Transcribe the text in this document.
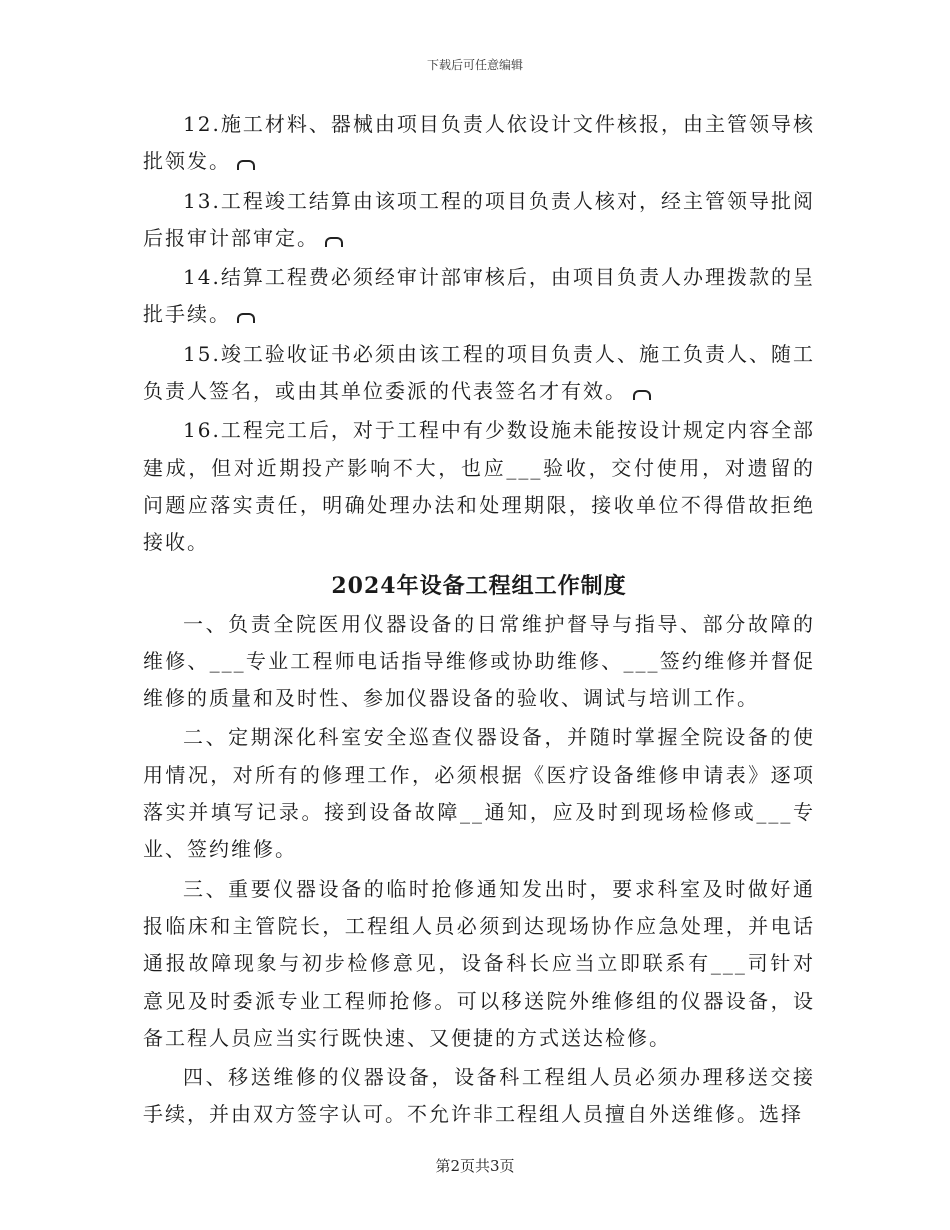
下载后可任意编辑

12.施工材料、器械由项目负责人依设计文件核报，由主管领导核批领发。

13.工程竣工结算由该项工程的项目负责人核对，经主管领导批阅后报审计部审定。

14.结算工程费必须经审计部审核后，由项目负责人办理拨款的呈批手续。

15.竣工验收证书必须由该工程的项目负责人、施工负责人、随工负责人签名，或由其单位委派的代表签名才有效。

16.工程完工后，对于工程中有少数设施未能按设计规定内容全部建成，但对近期投产影响不大，也应___验收，交付使用，对遗留的问题应落实责任，明确处理办法和处理期限，接收单位不得借故拒绝接收。

2024年设备工程组工作制度

一、负责全院医用仪器设备的日常维护督导与指导、部分故障的维修、___专业工程师电话指导维修或协助维修、___签约维修并督促维修的质量和及时性、参加仪器设备的验收、调试与培训工作。

二、定期深化科室安全巡查仪器设备，并随时掌握全院设备的使用情况，对所有的修理工作，必须根据《医疗设备维修申请表》逐项落实并填写记录。接到设备故障__通知，应及时到现场检修或___专业、签约维修。

三、重要仪器设备的临时抢修通知发出时，要求科室及时做好通报临床和主管院长，工程组人员必须到达现场协作应急处理，并电话通报故障现象与初步检修意见，设备科长应当立即联系有___司针对意见及时委派专业工程师抢修。可以移送院外维修组的仪器设备，设备工程人员应当实行既快速、又便捷的方式送达检修。

四、移送维修的仪器设备，设备科工程组人员必须办理移送交接手续，并由双方签字认可。不允许非工程组人员擅自外送维修。选择

第2页共3页
